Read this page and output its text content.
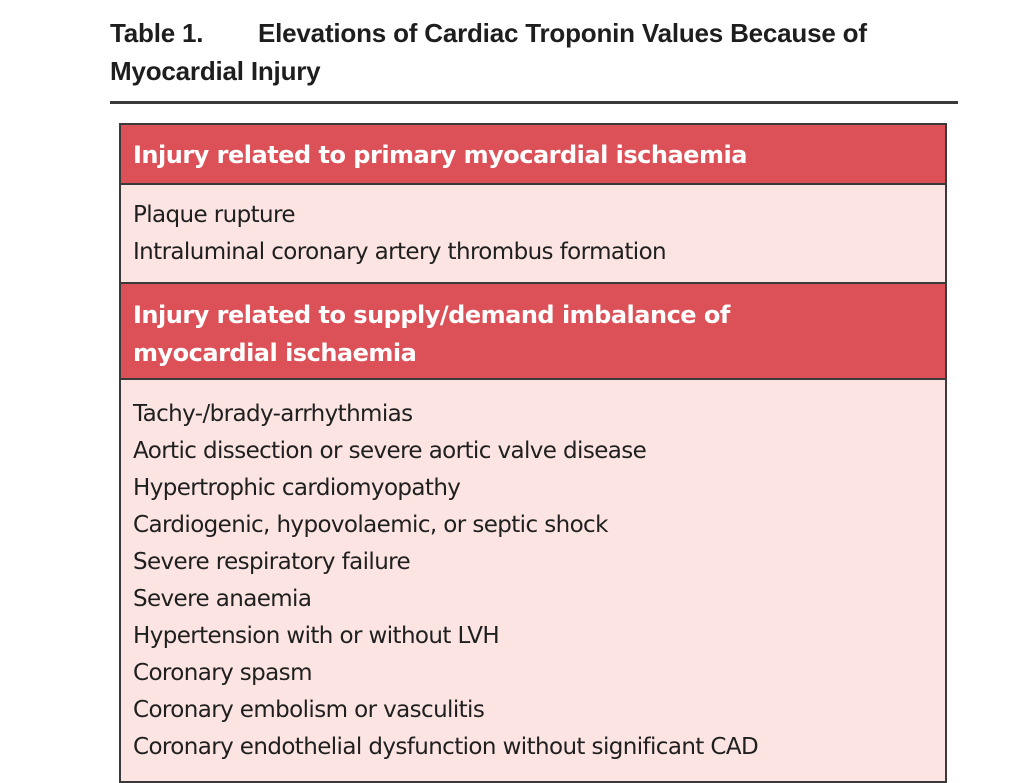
Table 1. Elevations of Cardiac Troponin Values Because of
Myocardial Injury
Injury related to primary myocardial ischaemia
Plaque rupture
Intraluminal coronary artery thrombus formation
Injury related to supply/demand imbalance of
myocardial ischaemia
Tachy-/brady-arrhythmias
Aortic dissection or severe aortic valve disease
Hypertrophic cardiomyopathy
Cardiogenic, hypovolaemic, or septic shock
Severe respiratory failure
Severe anaemia
Hypertension with or without LVH
Coronary spasm
Coronary embolism or vasculitis
Coronary endothelial dysfunction without significant CAD
